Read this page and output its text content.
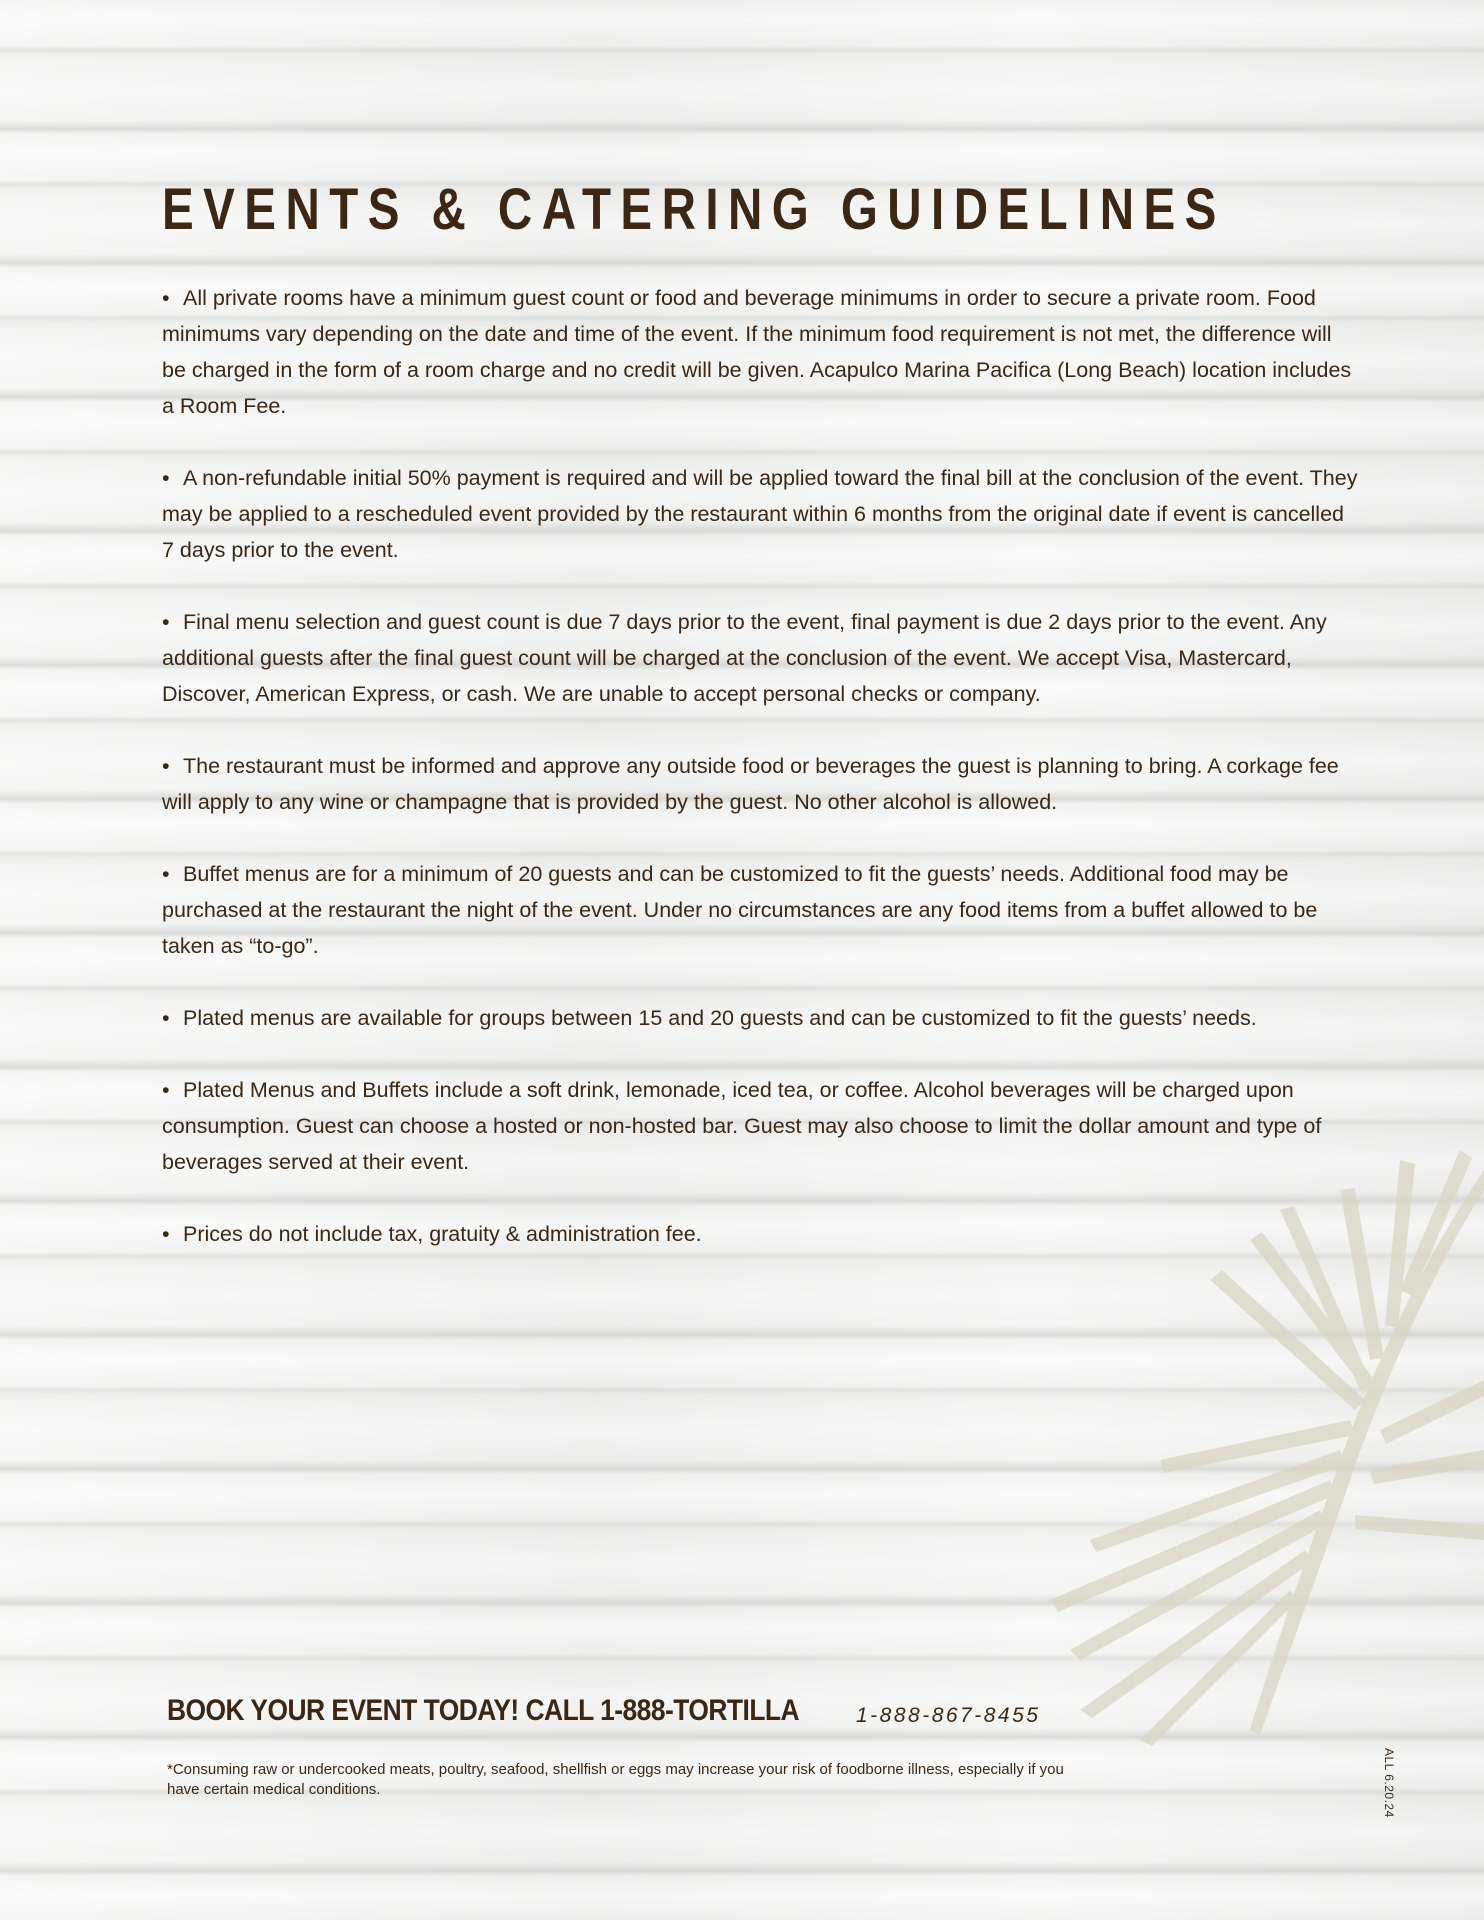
EVENTS & CATERING GUIDELINES
• All private rooms have a minimum guest count or food and beverage minimums in order to secure a private room. Food minimums vary depending on the date and time of the event. If the minimum food requirement is not met, the difference will be charged in the form of a room charge and no credit will be given. Acapulco Marina Pacifica (Long Beach) location includes a Room Fee.
• A non-refundable initial 50% payment is required and will be applied toward the final bill at the conclusion of the event. They may be applied to a rescheduled event provided by the restaurant within 6 months from the original date if event is cancelled 7 days prior to the event.
• Final menu selection and guest count is due 7 days prior to the event, final payment is due 2 days prior to the event. Any additional guests after the final guest count will be charged at the conclusion of the event. We accept Visa, Mastercard, Discover, American Express, or cash. We are unable to accept personal checks or company.
• The restaurant must be informed and approve any outside food or beverages the guest is planning to bring. A corkage fee will apply to any wine or champagne that is provided by the guest. No other alcohol is allowed.
• Buffet menus are for a minimum of 20 guests and can be customized to fit the guests’ needs. Additional food may be purchased at the restaurant the night of the event. Under no circumstances are any food items from a buffet allowed to be taken as “to-go”.
• Plated menus are available for groups between 15 and 20 guests and can be customized to fit the guests’ needs.
• Plated Menus and Buffets include a soft drink, lemonade, iced tea, or coffee. Alcohol beverages will be charged upon consumption. Guest can choose a hosted or non-hosted bar. Guest may also choose to limit the dollar amount and type of beverages served at their event.
• Prices do not include tax, gratuity & administration fee.
BOOK YOUR EVENT TODAY! CALL 1-888-TORTILLA	1-888-867-8455
*Consuming raw or undercooked meats, poultry, seafood, shellfish or eggs may increase your risk of foodborne illness, especially if you have certain medical conditions.	ALL 6.20.24
